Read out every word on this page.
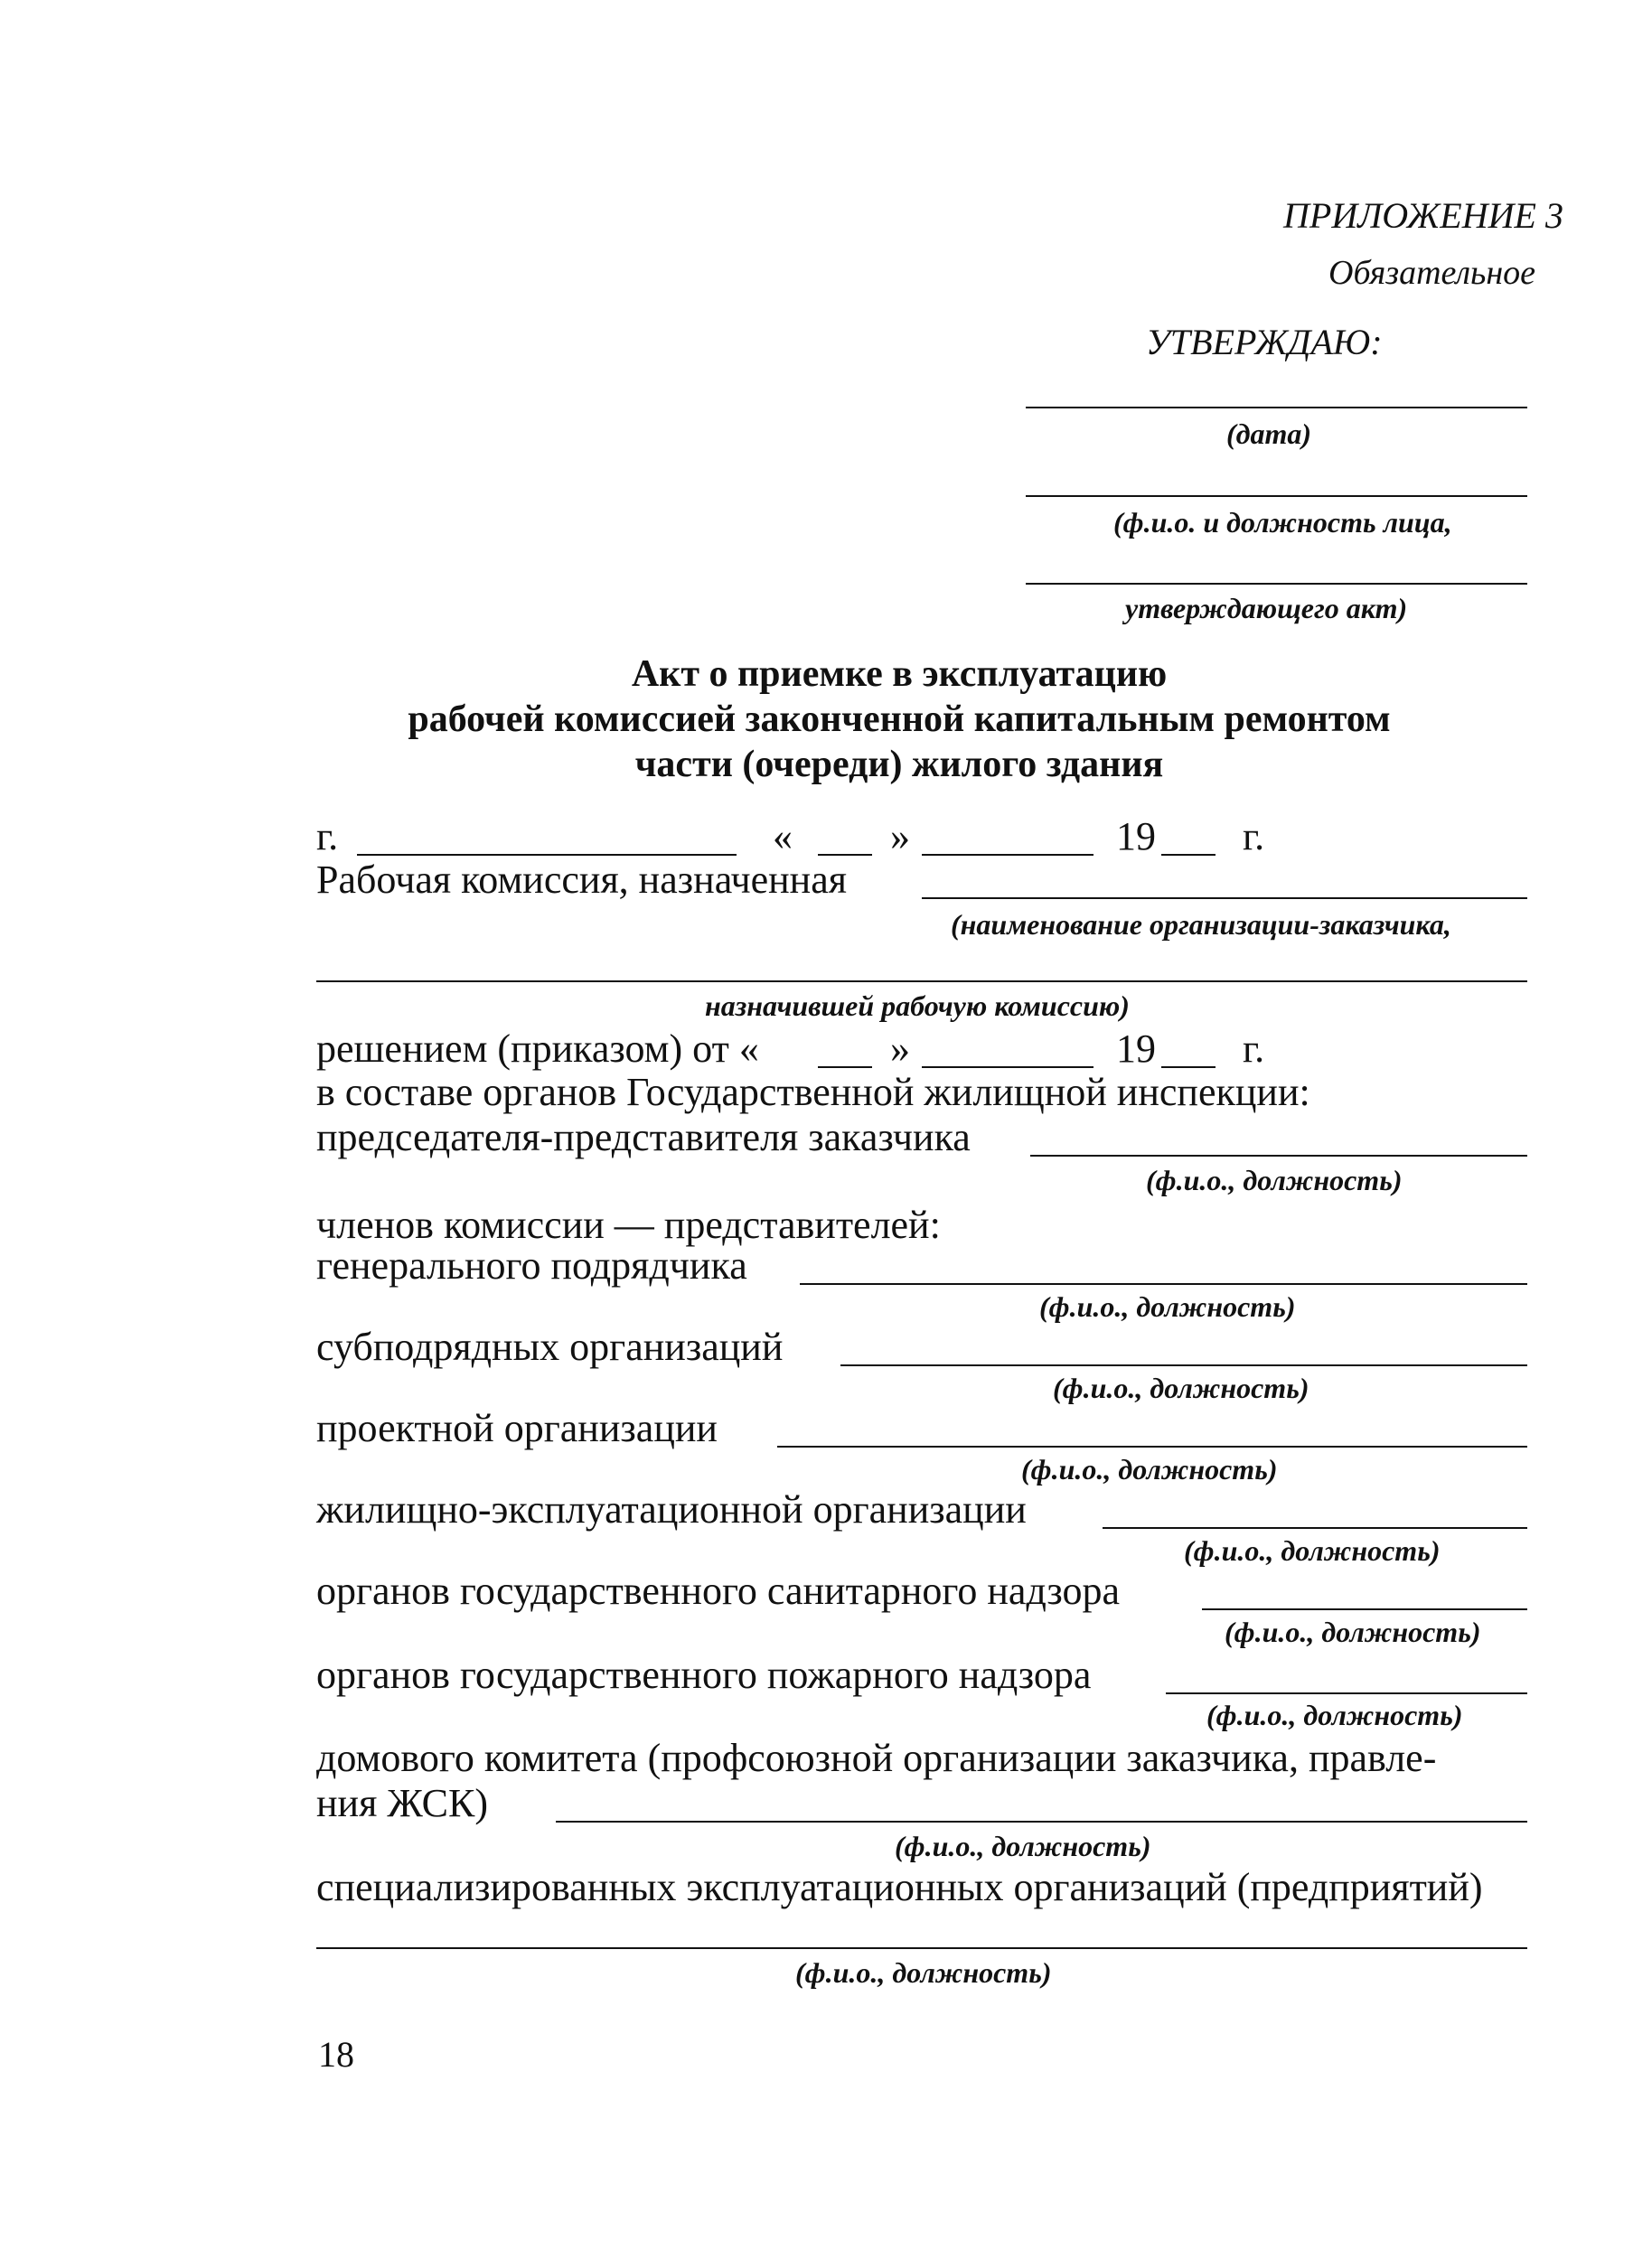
ПРИЛОЖЕНИЕ 3
Обязательное
УТВЕРЖДАЮ:
(дата)
(ф.и.о. и должность лица,
утверждающего акт)
Акт о приемке в эксплуатацию
рабочей комиссией законченной капитальным ремонтом
части (очереди) жилого здания
г.	« »	19 г.
Рабочая комиссия, назначенная
(наименование организации-заказчика,
назначившей рабочую комиссию)
решением (приказом) от «	»	19 г.
в составе органов Государственной жилищной инспекции:
председателя-представителя заказчика
(ф.и.о., должность)
членов комиссии — представителей:
генерального подрядчика
(ф.и.о., должность)
субподрядных организаций
(ф.и.о., должность)
проектной организации
(ф.и.о., должность)
жилищно-эксплуатационной организации
(ф.и.о., должность)
органов государственного санитарного надзора
(ф.и.о., должность)
органов государственного пожарного надзора
(ф.и.о., должность)
домового комитета (профсоюзной организации заказчика, правле-
ния ЖСК)
(ф.и.о., должность)
специализированных эксплуатационных организаций (предприятий)
(ф.и.о., должность)
18
